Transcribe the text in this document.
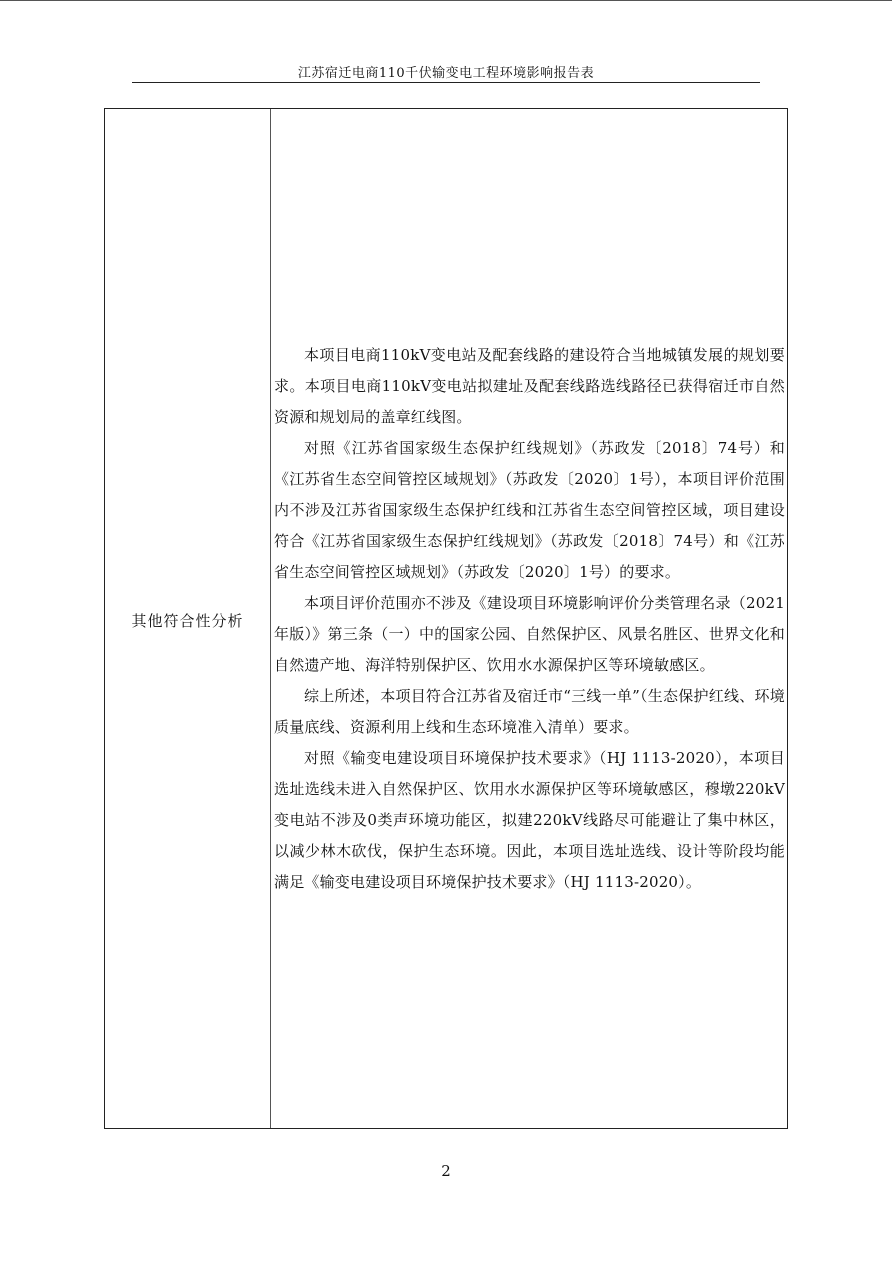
江苏宿迁电商110千伏输变电工程环境影响报告表
其他符合性分析

本项目电商110kV变电站及配套线路的建设符合当地城镇发展的规划要求。本项目电商110kV变电站拟建址及配套线路选线路径已获得宿迁市自然资源和规划局的盖章红线图。

对照《江苏省国家级生态保护红线规划》（苏政发〔2018〕74号）和《江苏省生态空间管控区域规划》（苏政发〔2020〕1号），本项目评价范围内不涉及江苏省国家级生态保护红线和江苏省生态空间管控区域，项目建设符合《江苏省国家级生态保护红线规划》（苏政发〔2018〕74号）和《江苏省生态空间管控区域规划》（苏政发〔2020〕1号）的要求。

本项目评价范围亦不涉及《建设项目环境影响评价分类管理名录（2021年版）》第三条（一）中的国家公园、自然保护区、风景名胜区、世界文化和自然遗产地、海洋特别保护区、饮用水水源保护区等环境敏感区。

综上所述，本项目符合江苏省及宿迁市“三线一单”（生态保护红线、环境质量底线、资源利用上线和生态环境准入清单）要求。

对照《输变电建设项目环境保护技术要求》（HJ 1113-2020），本项目选址选线未进入自然保护区、饮用水水源保护区等环境敏感区，穆墩220kV变电站不涉及0类声环境功能区，拟建220kV线路尽可能避让了集中林区，以减少林木砍伐，保护生态环境。因此，本项目选址选线、设计等阶段均能满足《输变电建设项目环境保护技术要求》（HJ 1113-2020）。

2
